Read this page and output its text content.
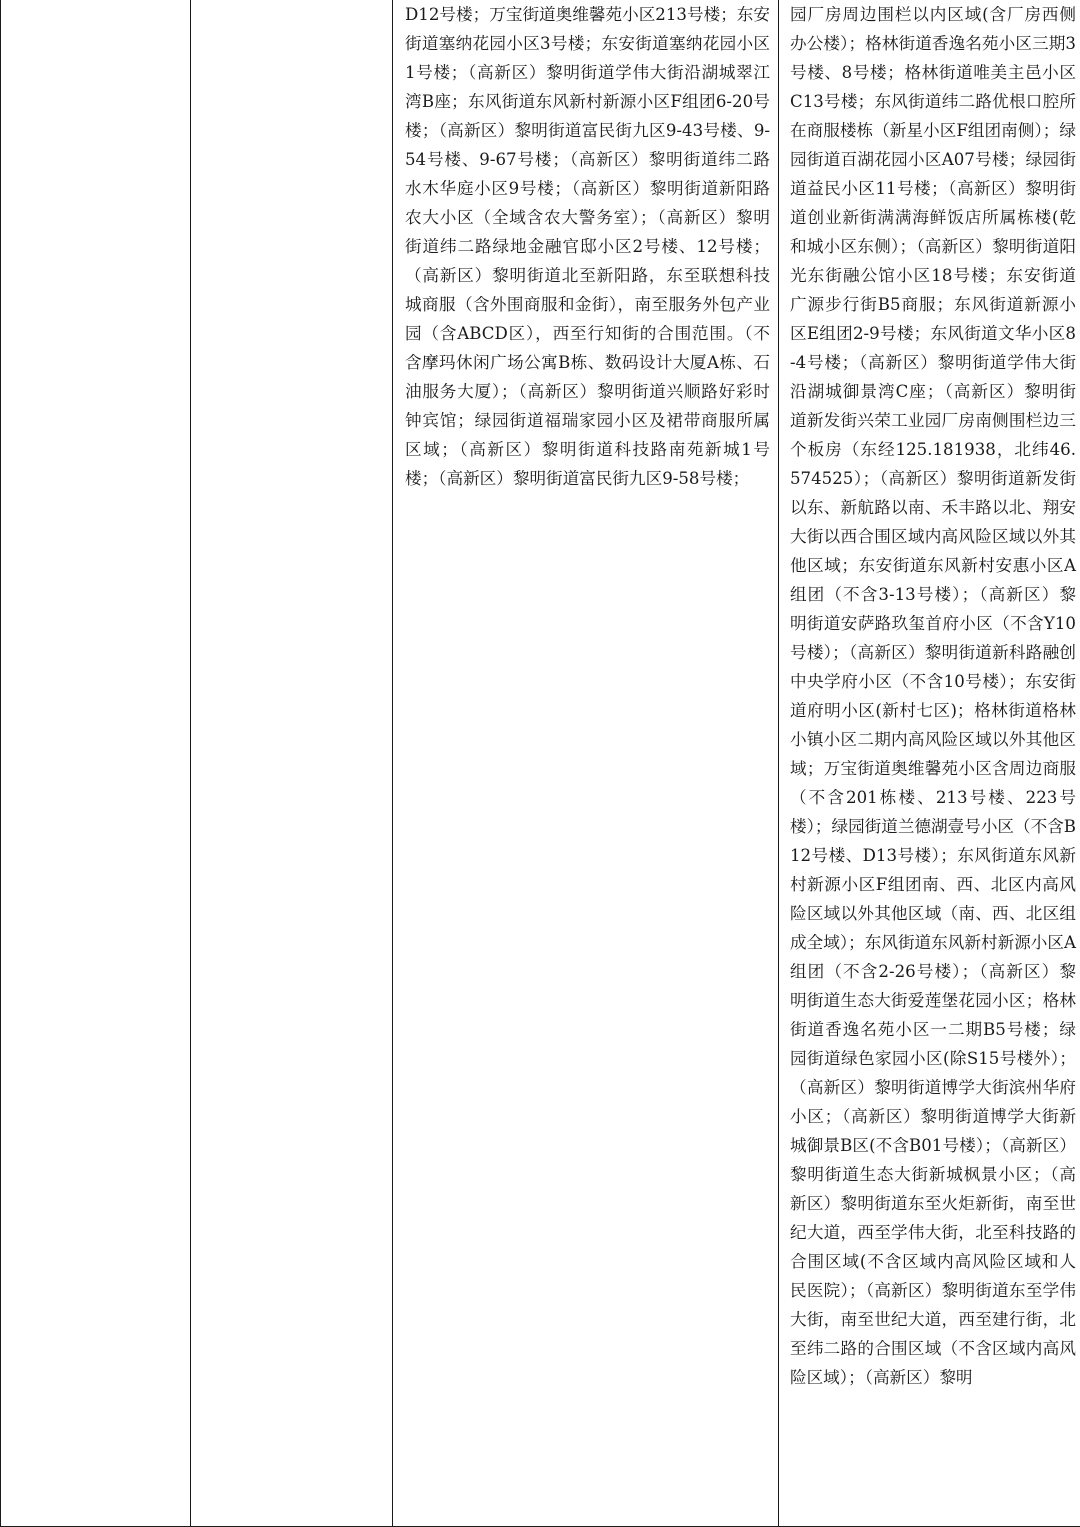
D12号楼；万宝街道奥维馨苑小区213号楼；东安街道塞纳花园小区3号楼；东安街道塞纳花园小区1号楼；（高新区）黎明街道学伟大街沿湖城翠江湾B座；东风街道东风新村新源小区F组团6-20号楼；（高新区）黎明街道富民街九区9-43号楼、9-54号楼、9-67号楼；（高新区）黎明街道纬二路水木华庭小区9号楼；（高新区）黎明街道新阳路农大小区（全域含农大警务室）；（高新区）黎明街道纬二路绿地金融官邸小区2号楼、12号楼；（高新区）黎明街道北至新阳路，东至联想科技城商服（含外围商服和金街），南至服务外包产业园（含ABCD区），西至行知街的合围范围。（不含摩玛休闲广场公寓B栋、数码设计大厦A栋、石油服务大厦）；（高新区）黎明街道兴顺路好彩时钟宾馆；绿园街道福瑞家园小区及裙带商服所属区域；（高新区）黎明街道科技路南苑新城1号楼；（高新区）黎明街道富民街九区9-58号楼；

园厂房周边围栏以内区域(含厂房西侧办公楼）；格林街道香逸名苑小区三期3号楼、8号楼；格林街道唯美主邑小区C13号楼；东风街道纬二路优根口腔所在商服楼栋（新星小区F组团南侧）；绿园街道百湖花园小区A07号楼；绿园街道益民小区11号楼；（高新区）黎明街道创业新街满满海鲜饭店所属栋楼(乾和城小区东侧）；（高新区）黎明街道阳光东街融公馆小区18号楼；东安街道广源步行街B5商服；东风街道新源小区E组团2-9号楼；东风街道文华小区8-4号楼；（高新区）黎明街道学伟大街沿湖城御景湾C座；（高新区）黎明街道新发街兴荣工业园厂房南侧围栏边三个板房（东经125.181938，北纬46.574525）；（高新区）黎明街道新发街以东、新航路以南、禾丰路以北、翔安大街以西合围区域内高风险区域以外其他区域；东安街道东风新村安惠小区A组团（不含3-13号楼）；（高新区）黎明街道安萨路玖玺首府小区（不含Y10号楼）；（高新区）黎明街道新科路融创中央学府小区（不含10号楼）；东安街道府明小区(新村七区)；格林街道格林小镇小区二期内高风险区域以外其他区域；万宝街道奥维馨苑小区含周边商服（不含201栋楼、213号楼、223号楼）；绿园街道兰德湖壹号小区（不含B12号楼、D13号楼）；东风街道东风新村新源小区F组团南、西、北区内高风险区域以外其他区域（南、西、北区组成全域）；东风街道东风新村新源小区A组团（不含2-26号楼）；（高新区）黎明街道生态大街爱莲堡花园小区；格林街道香逸名苑小区一二期B5号楼；绿园街道绿色家园小区(除S15号楼外）；（高新区）黎明街道博学大街滨州华府小区；（高新区）黎明街道博学大街新城御景B区(不含B01号楼）；（高新区）黎明街道生态大街新城枫景小区；（高新区）黎明街道东至火炬新街，南至世纪大道，西至学伟大街，北至科技路的合围区域(不含区域内高风险区域和人民医院）；（高新区）黎明街道东至学伟大街，南至世纪大道，西至建行街，北至纬二路的合围区域（不含区域内高风险区域）；（高新区）黎明
